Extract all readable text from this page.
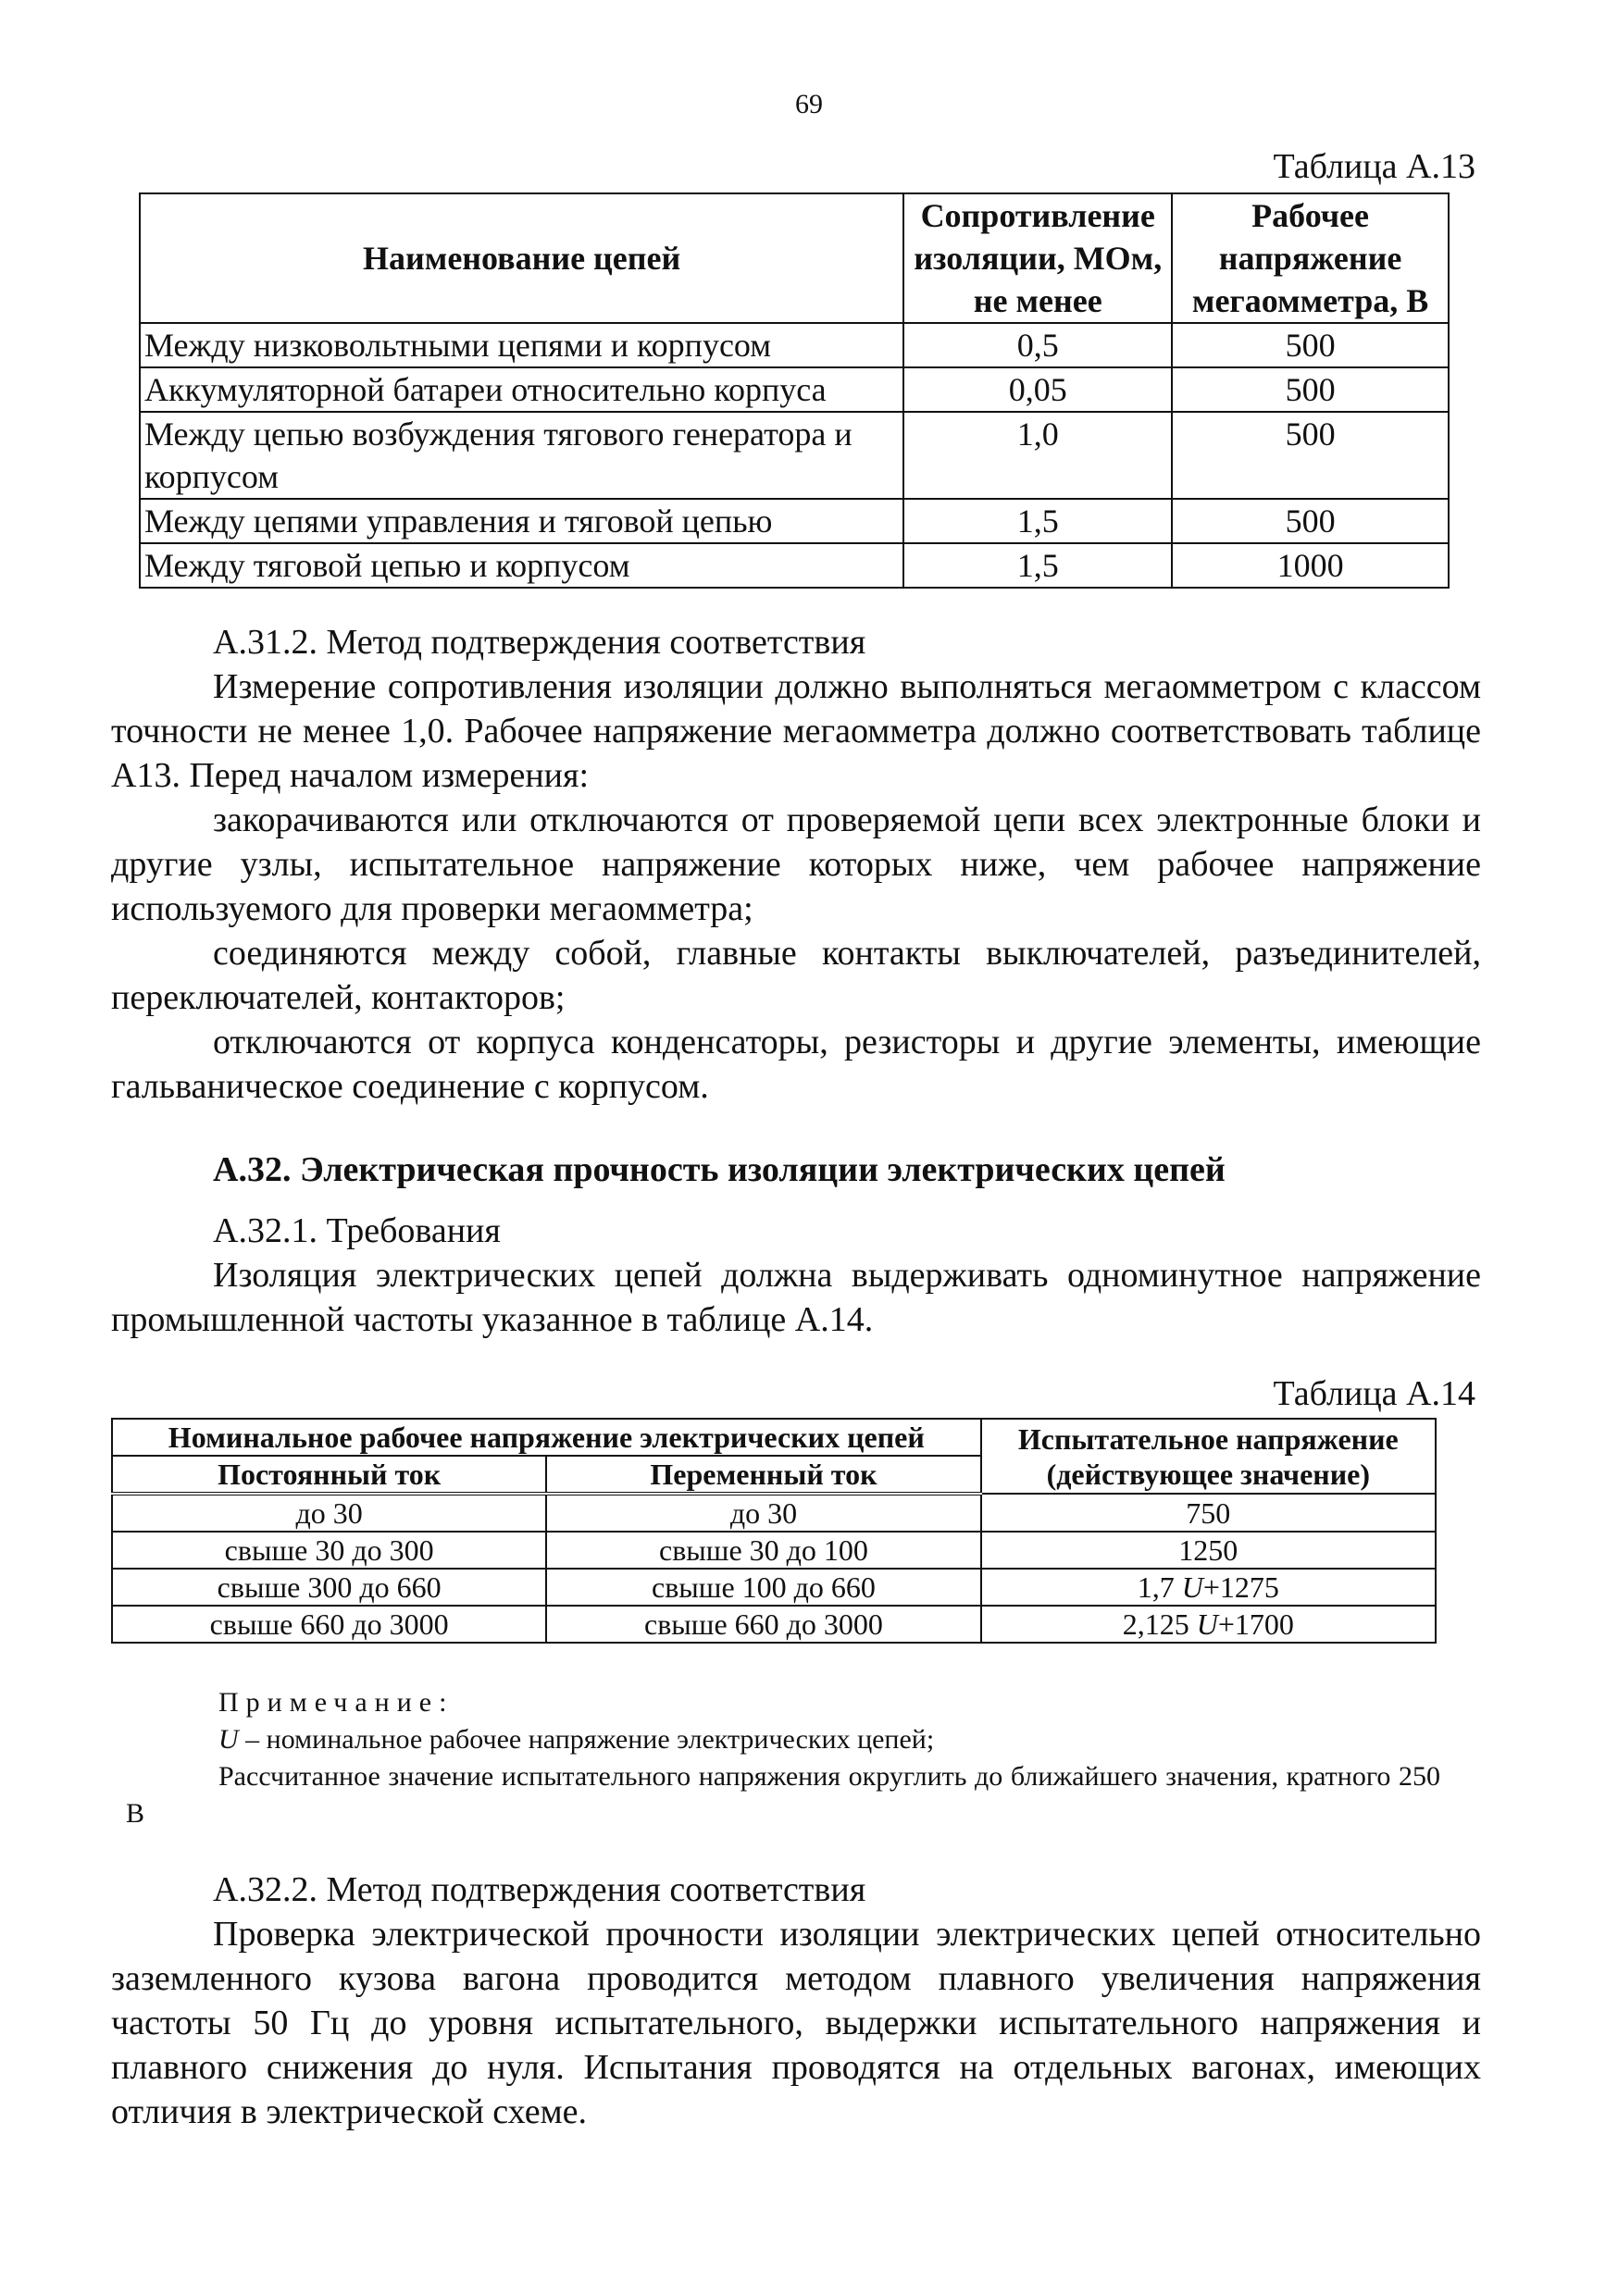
69
Таблица А.13
Наименование цепей	Сопротивление изоляции, МОм, не менее	Рабочее напряжение мегаомметра, В
Между низковольтными цепями и корпусом	0,5	500
Аккумуляторной батареи относительно корпуса	0,05	500
Между цепью возбуждения тягового генератора и корпусом	1,0	500
Между цепями управления и тяговой цепью	1,5	500
Между тяговой цепью и корпусом	1,5	1000

А.31.2. Метод подтверждения соответствия

Измерение сопротивления изоляции должно выполняться мегаомметром с классом точности не менее 1,0. Рабочее напряжение мегаомметра должно соответствовать таблице А13. Перед началом измерения:

закорачиваются или отключаются от проверяемой цепи всех электронные блоки и другие узлы, испытательное напряжение которых ниже, чем рабочее напряжение используемого для проверки мегаомметра;

соединяются между собой, главные контакты выключателей, разъединителей, переключателей, контакторов;

отключаются от корпуса конденсаторы, резисторы и другие элементы, имеющие гальваническое соединение с корпусом.

А.32. Электрическая прочность изоляции электрических цепей

А.32.1. Требования

Изоляция электрических цепей должна выдерживать одноминутное напряжение промышленной частоты указанное в таблице А.14.

Таблица А.14
Номинальное рабочее напряжение электрических цепей		Испытательное напряжение (действующее значение)
Постоянный ток	Переменный ток	
до 30	до 30	750
свыше 30 до 300	свыше 30 до 100	1250
свыше 300 до 660	свыше 100 до 660	1,7 U+1275
свыше 660 до 3000	свыше 660 до 3000	2,125 U+1700

Примечание:

U – номинальное рабочее напряжение электрических цепей;

Рассчитанное значение испытательного напряжения округлить до ближайшего значения, кратного 250 В

А.32.2. Метод подтверждения соответствия

Проверка электрической прочности изоляции электрических цепей относительно заземленного кузова вагона проводится методом плавного увеличения напряжения частоты 50 Гц до уровня испытательного, выдержки испытательного напряжения и плавного снижения до нуля. Испытания проводятся на отдельных вагонах, имеющих отличия в электрической схеме.
